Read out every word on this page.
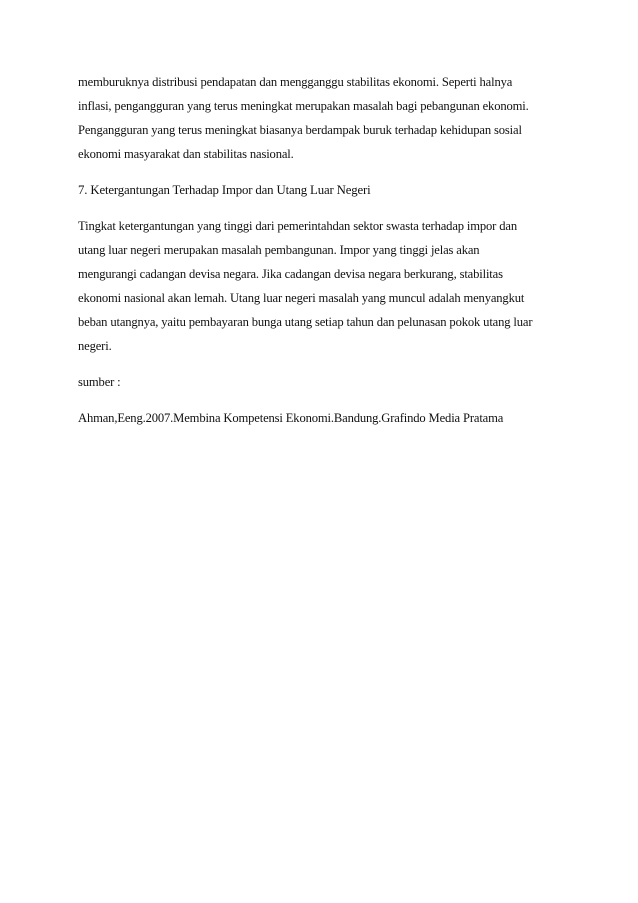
memburuknya distribusi pendapatan dan mengganggu stabilitas ekonomi. Seperti halnya
inflasi, pengangguran yang terus meningkat merupakan masalah bagi pebangunan ekonomi.
Pengangguran yang terus meningkat biasanya berdampak buruk terhadap kehidupan sosial
ekonomi masyarakat dan stabilitas nasional.
7. Ketergantungan Terhadap Impor dan Utang Luar Negeri
Tingkat ketergantungan yang tinggi dari pemerintahdan sektor swasta terhadap impor dan
utang luar negeri merupakan masalah pembangunan. Impor yang tinggi jelas akan
mengurangi cadangan devisa negara. Jika cadangan devisa negara berkurang, stabilitas
ekonomi nasional akan lemah. Utang luar negeri masalah yang muncul adalah menyangkut
beban utangnya, yaitu pembayaran bunga utang setiap tahun dan pelunasan pokok utang luar
negeri.
sumber :
Ahman,Eeng.2007.Membina Kompetensi Ekonomi.Bandung.Grafindo Media Pratama
